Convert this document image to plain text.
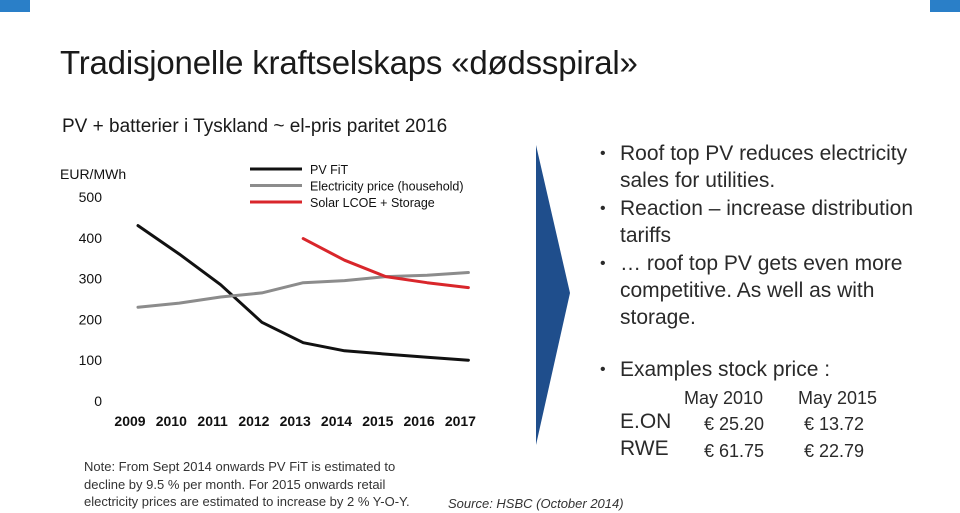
Tradisjonelle kraftselskaps «dødsspiral»
PV + batterier i Tyskland ~ el-pris paritet 2016
EUR/MWh
0
100
200
300
400
500
2009 2010 2011 2012 2013 2014 2015 2016 2017
PV FiT
Electricity price (household)
Solar LCOE + Storage
Note: From Sept 2014 onwards PV FiT is estimated to decline by 9.5 % per month. For 2015 onwards retail electricity prices are estimated to increase by 2 % Y-O-Y.	Source: HSBC (October 2014)
• Roof top PV reduces electricity sales for utilities.
• Reaction – increase distribution tariffs
• … roof top PV gets even more competitive. As well as with storage.
• Examples stock price :
May 2010 May 2015
E.ON € 25.20 € 13.72
RWE € 61.75 € 22.79
